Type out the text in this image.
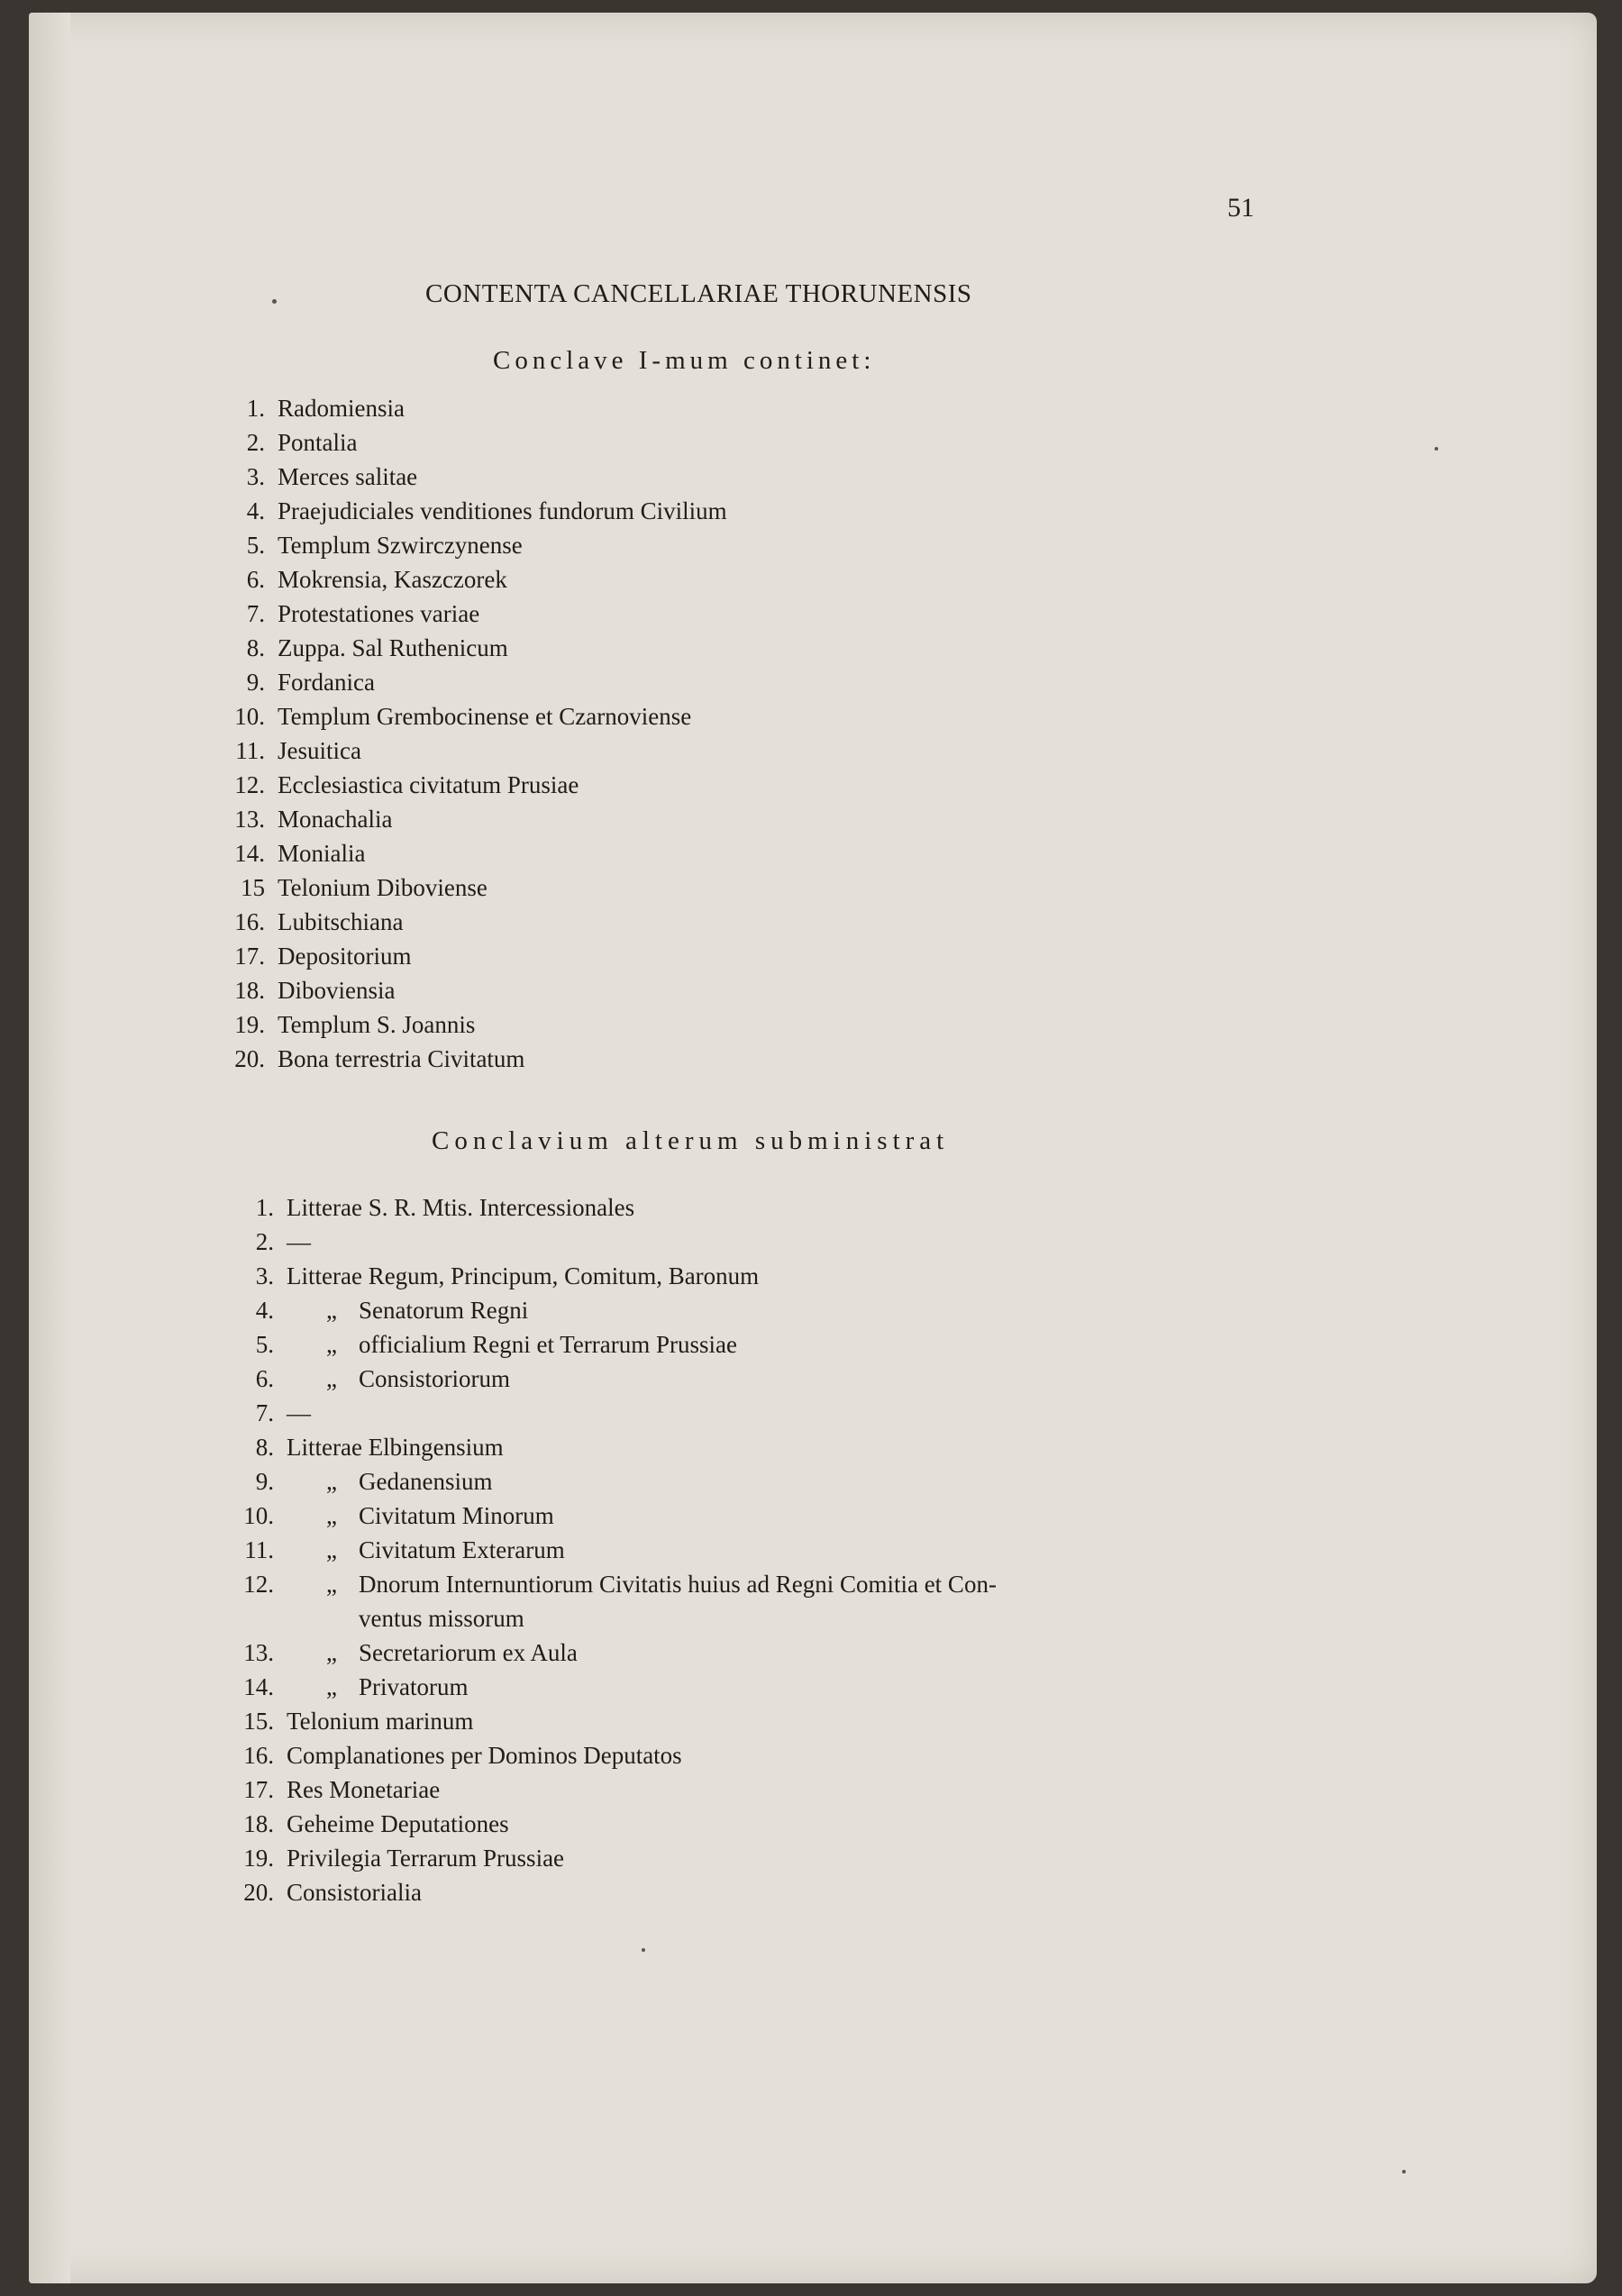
51
CONTENTA CANCELLARIAE THORUNENSIS
Conclave I-mum continet:
1. Radomiensia
2. Pontalia
3. Merces salitae
4. Praejudiciales venditiones fundorum Civilium
5. Templum Szwirczynense
6. Mokrensia, Kaszczorek
7. Protestationes variae
8. Zuppa. Sal Ruthenicum
9. Fordanica
10. Templum Grembocinense et Czarnoviense
11. Jesuitica
12. Ecclesiastica civitatum Prusiae
13. Monachalia
14. Monialia
15 Telonium Diboviense
16. Lubitschiana
17. Depositorium
18. Diboviensia
19. Templum S. Joannis
20. Bona terrestria Civitatum
Conclavium alterum subministrat
1. Litterae S. R. Mtis. Intercessionales
2. —
3. Litterae Regum, Principum, Comitum, Baronum
4.	„ Senatorum Regni
5.	„ officialium Regni et Terrarum Prussiae
6.	„ Consistoriorum
7. —
8. Litterae Elbingensium
9.	„ Gedanensium
10.	„ Civitatum Minorum
11.	„ Civitatum Exterarum
12.	„ Dnorum Internuntiorum Civitatis huius ad Regni Comitia et Con-
ventus missorum
13.	„ Secretariorum ex Aula
14.	„ Privatorum
15. Telonium marinum
16. Complanationes per Dominos Deputatos
17. Res Monetariae
18. Geheime Deputationes
19. Privilegia Terrarum Prussiae
20. Consistorialia
